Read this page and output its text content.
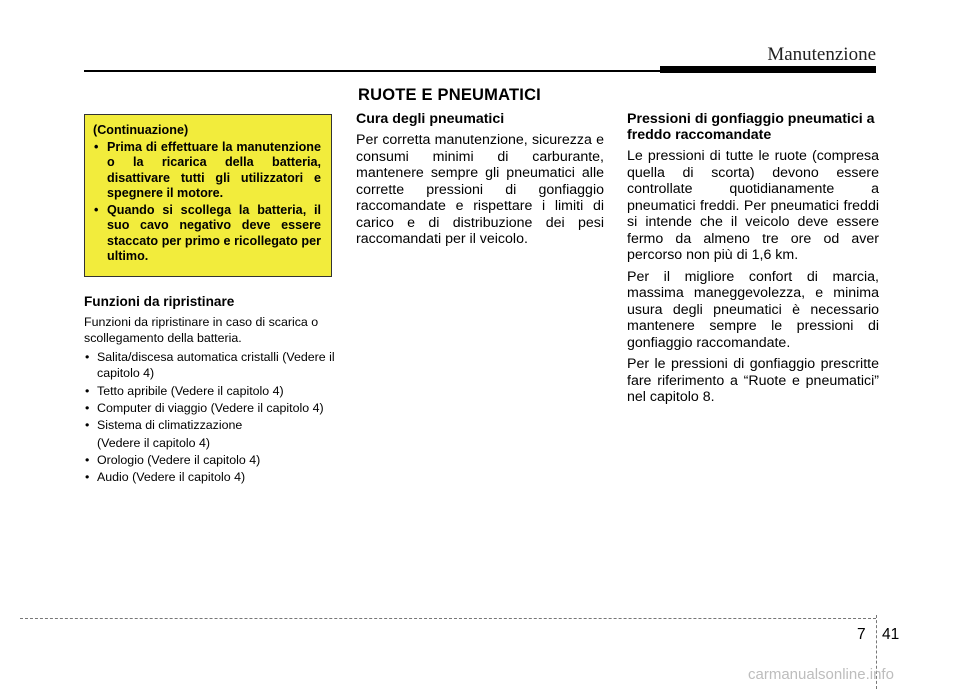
Manutenzione
RUOTE E PNEUMATICI
(Continuazione)
• Prima di effettuare la manutenzione o la ricarica della batteria, disattivare tutti gli utilizzatori e spegnere il motore.
• Quando si scollega la batteria, il suo cavo negativo deve essere staccato per primo e ricollegato per ultimo.
Funzioni da ripristinare

Funzioni da ripristinare in caso di scarica o scollegamento della batteria.

• Salita/discesa automatica cristalli (Vedere il capitolo 4)
• Tetto apribile (Vedere il capitolo 4)
• Computer di viaggio (Vedere il capitolo 4)
• Sistema di climatizzazione
(Vedere il capitolo 4)
• Orologio (Vedere il capitolo 4)
• Audio (Vedere il capitolo 4)
Cura degli pneumatici

Per corretta manutenzione, sicurezza e consumi minimi di carburante, mantenere sempre gli pneumatici alle corrette pressioni di gonfiaggio raccomandate e rispettare i limiti di carico e di distribuzione dei pesi raccomandati per il veicolo.

Pressioni di gonfiaggio pneumatici a freddo raccomandate

Le pressioni di tutte le ruote (compresa quella di scorta) devono essere controllate quotidianamente a pneumatici freddi. Per pneumatici freddi si intende che il veicolo deve essere fermo da almeno tre ore od aver percorso non più di 1,6 km.

Per il migliore confort di marcia, massima maneggevolezza, e minima usura degli pneumatici è necessario mantenere sempre le pressioni di gonfiaggio raccomandate.

Per le pressioni di gonfiaggio prescritte fare riferimento a “Ruote e pneumatici” nel capitolo 8.

7 41
carmanualsonline.info
